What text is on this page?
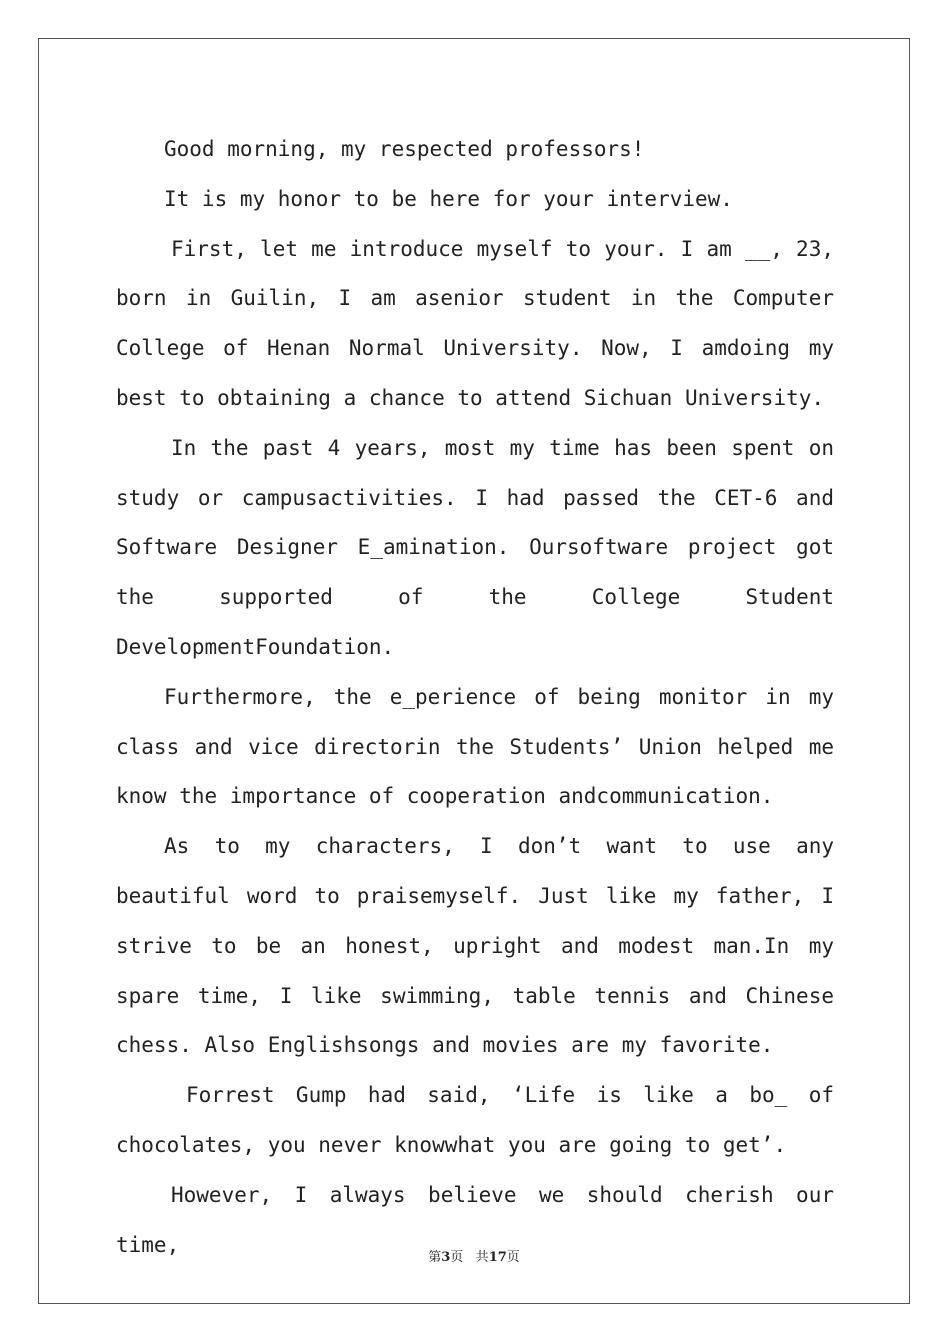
Good morning, my respected professors!

It is my honor to be here for your interview.

First, let me introduce myself to your. I am __, 23, born in Guilin, I am asenior student in the Computer College of Henan Normal University. Now, I amdoing my best to obtaining a chance to attend Sichuan University.

In the past 4 years, most my time has been spent on study or campusactivities. I had passed the CET-6 and Software Designer E_amination. Oursoftware project got the supported of the College Student DevelopmentFoundation.

Furthermore, the e_perience of being monitor in my class and vice directorin the Students’ Union helped me know the importance of cooperation andcommunication.

As to my characters, I don’t want to use any beautiful word to praisemyself. Just like my father, I strive to be an honest, upright and modest man.In my spare time, I like swimming, table tennis and Chinese chess. Also Englishsongs and movies are my favorite.

Forrest Gump had said, ‘Life is like a bo_ of chocolates, you never knowwhat you are going to get’.

However, I always believe we should cherish our time,

第3页 共17页
